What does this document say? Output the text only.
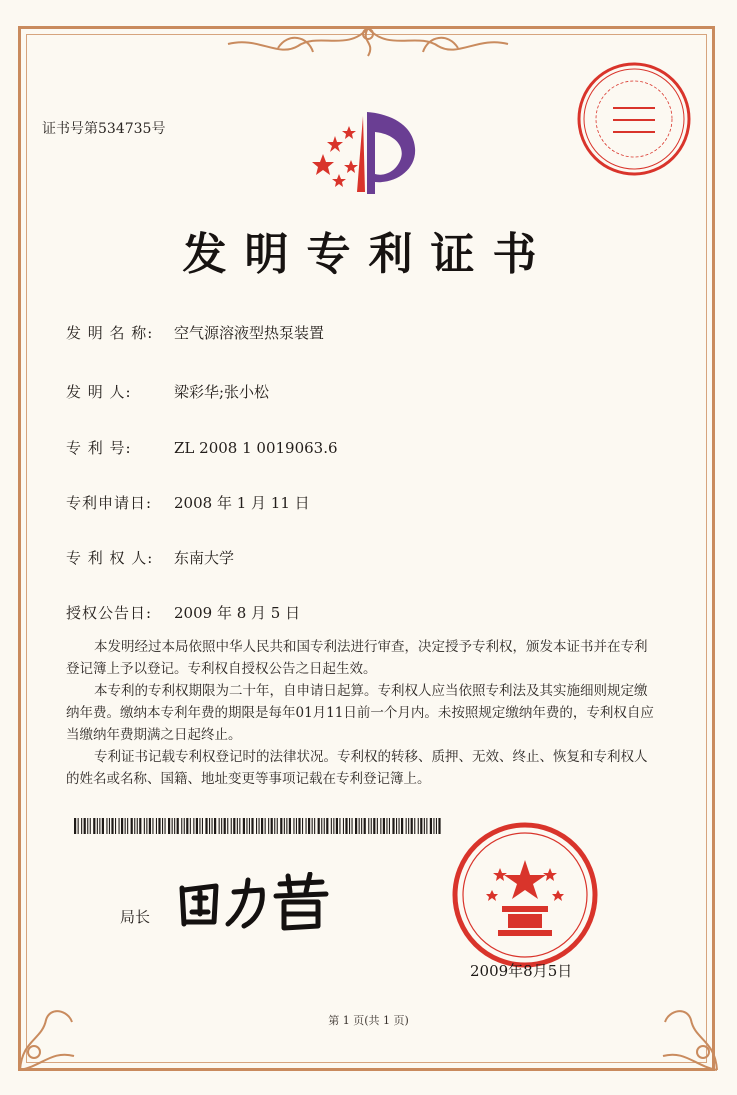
证书号第534735号
发明专利证书
发 明 名 称: 空气源溶液型热泵装置
发 明 人:	梁彩华;张小松
专 利 号:	ZL 2008 1 0019063.6
专利申请日: 2008 年 1 月 11 日
专 利 权 人: 东南大学
授权公告日: 2009 年 8 月 5 日

本发明经过本局依照中华人民共和国专利法进行审查，决定授予专利权，颁发本证书并在专利登记簿上予以登记。专利权自授权公告之日起生效。

本专利的专利权期限为二十年，自申请日起算。专利权人应当依照专利法及其实施细则规定缴纳年费。缴纳本专利年费的期限是每年01月11日前一个月内。未按照规定缴纳年费的，专利权自应当缴纳年费期满之日起终止。

专利证书记载专利权登记时的法律状况。专利权的转移、质押、无效、终止、恢复和专利权人的姓名或名称、国籍、地址变更等事项记载在专利登记簿上。

局长
2009年8月5日
第 1 页(共 1 页)
